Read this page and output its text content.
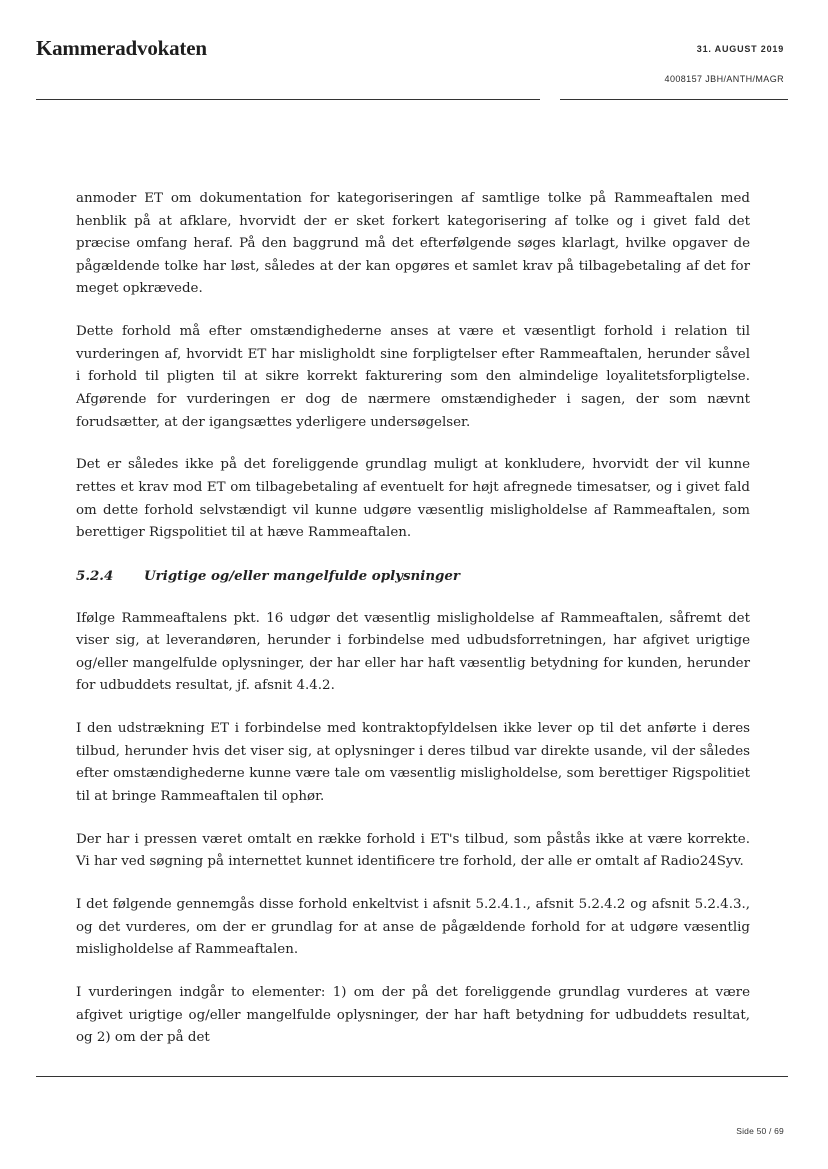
Kammeradvokaten	31. AUGUST 2019
4008157 JBH/ANTH/MAGR

anmoder ET om dokumentation for kategoriseringen af samtlige tolke på Rammeaftalen med henblik på at afklare, hvorvidt der er sket forkert kategorisering af tolke og i givet fald det præcise omfang heraf. På den baggrund må det efterfølgende søges klarlagt, hvilke opgaver de pågældende tolke har løst, således at der kan opgøres et samlet krav på tilbagebetaling af det for meget opkrævede.

Dette forhold må efter omstændighederne anses at være et væsentligt forhold i relation til vurderingen af, hvorvidt ET har misligholdt sine forpligtelser efter Rammeaftalen, herunder såvel i forhold til pligten til at sikre korrekt fakturering som den almindelige loyalitetsforpligtelse. Afgørende for vurderingen er dog de nærmere omstændigheder i sagen, der som nævnt forudsætter, at der igangsættes yderligere undersøgelser.

Det er således ikke på det foreliggende grundlag muligt at konkludere, hvorvidt der vil kunne rettes et krav mod ET om tilbagebetaling af eventuelt for højt afregnede timesatser, og i givet fald om dette forhold selvstændigt vil kunne udgøre væsentlig misligholdelse af Rammeaftalen, som berettiger Rigspolitiet til at hæve Rammeaftalen.

5.2.4 Urigtige og/eller mangelfulde oplysninger

Ifølge Rammeaftalens pkt. 16 udgør det væsentlig misligholdelse af Rammeaftalen, såfremt det viser sig, at leverandøren, herunder i forbindelse med udbudsforretningen, har afgivet urigtige og/eller mangelfulde oplysninger, der har eller har haft væsentlig betydning for kunden, herunder for udbuddets resultat, jf. afsnit 4.4.2.

I den udstrækning ET i forbindelse med kontraktopfyldelsen ikke lever op til det anførte i deres tilbud, herunder hvis det viser sig, at oplysninger i deres tilbud var direkte usande, vil der således efter omstændighederne kunne være tale om væsentlig misligholdelse, som berettiger Rigspolitiet til at bringe Rammeaftalen til ophør.

Der har i pressen været omtalt en række forhold i ET's tilbud, som påstås ikke at være korrekte. Vi har ved søgning på internettet kunnet identificere tre forhold, der alle er omtalt af Radio24Syv.

I det følgende gennemgås disse forhold enkeltvist i afsnit 5.2.4.1., afsnit 5.2.4.2 og afsnit 5.2.4.3., og det vurderes, om der er grundlag for at anse de pågældende forhold for at udgøre væsentlig misligholdelse af Rammeaftalen.

I vurderingen indgår to elementer: 1) om der på det foreliggende grundlag vurderes at være afgivet urigtige og/eller mangelfulde oplysninger, der har haft betydning for udbuddets resultat, og 2) om der på det

Side 50 / 69
